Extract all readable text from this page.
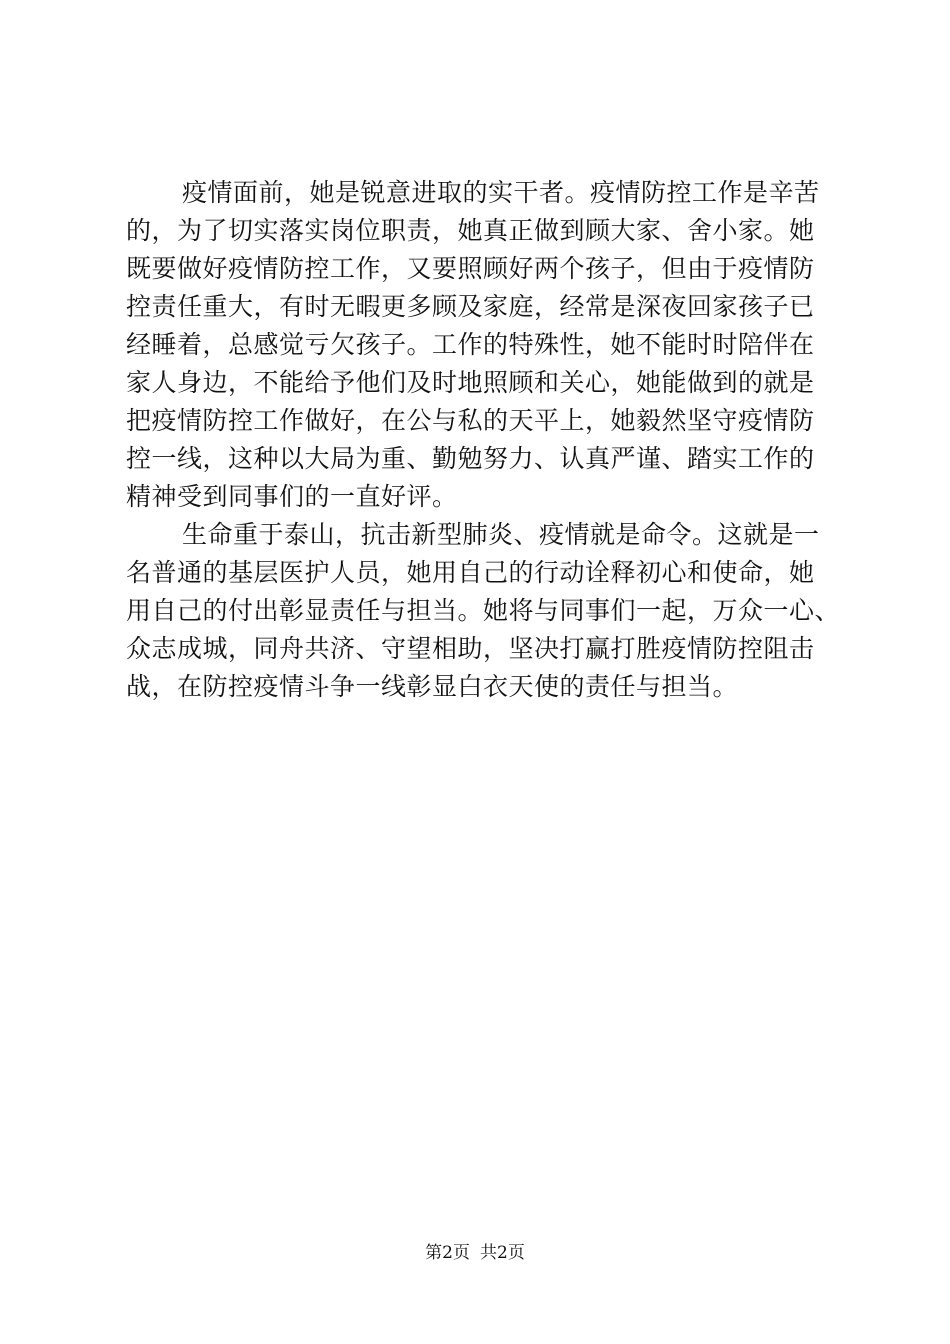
疫情面前，她是锐意进取的实干者。疫情防控工作是辛苦
的，为了切实落实岗位职责，她真正做到顾大家、舍小家。她
既要做好疫情防控工作，又要照顾好两个孩子，但由于疫情防
控责任重大，有时无暇更多顾及家庭，经常是深夜回家孩子已
经睡着，总感觉亏欠孩子。工作的特殊性，她不能时时陪伴在
家人身边，不能给予他们及时地照顾和关心，她能做到的就是
把疫情防控工作做好，在公与私的天平上，她毅然坚守疫情防
控一线，这种以大局为重、勤勉努力、认真严谨、踏实工作的
精神受到同事们的一直好评。
生命重于泰山，抗击新型肺炎、疫情就是命令。这就是一
名普通的基层医护人员，她用自己的行动诠释初心和使命，她
用自己的付出彰显责任与担当。她将与同事们一起，万众一心、
众志成城，同舟共济、守望相助，坚决打赢打胜疫情防控阻击
战，在防控疫情斗争一线彰显白衣天使的责任与担当。
第2页 共2页
